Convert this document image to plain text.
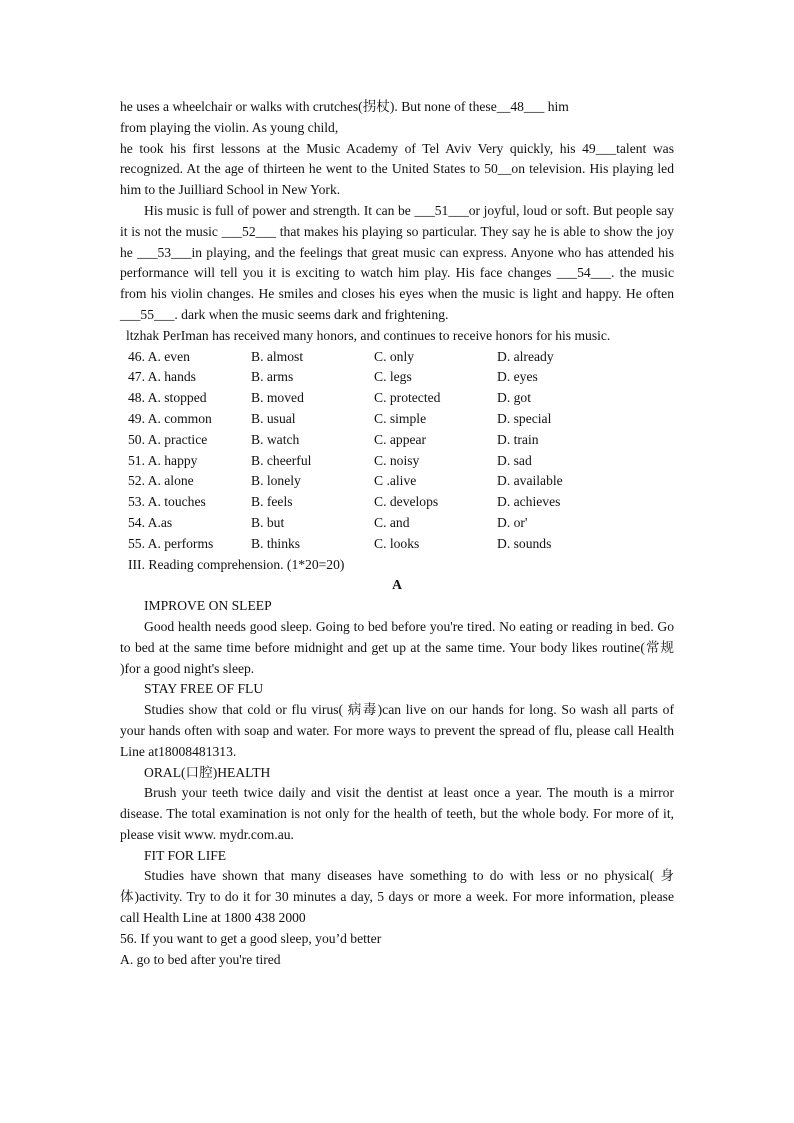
he uses a wheelchair or walks with crutches(拐杖). But none of these__48___ him

from playing the violin. As young child,

he took his first lessons at the Music Academy of Tel Aviv Very quickly, his 49___talent was recognized. At the age of thirteen he went to the United States to 50__on television. His playing led him to the Juilliard School in New York.

His music is full of power and strength. It can be ___51___or joyful, loud or soft. But people say it is not the music ___52___ that makes his playing so particular. They say he is able to show the joy he ___53___in playing, and the feelings that great music can express. Anyone who has attended his performance will tell you it is exciting to watch him play. His face changes ___54___. the music from his violin changes. He smiles and closes his eyes when the music is light and happy. He often ___55___. dark when the music seems dark and frightening.

ltzhak PerIman has received many honors, and continues to receive honors for his music.

46. A. even	B. almost	C. only	D. already
47. A. hands	B. arms	C. legs	D. eyes
48. A. stopped	B. moved	C. protected	D. got
49. A. common	B. usual	C. simple	D. special
50. A. practice	B. watch	C. appear	D. train
51. A. happy	B. cheerful	C. noisy	D. sad
52. A. alone	B. lonely	C .alive	D. available
53. A. touches	B. feels	C. develops	D. achieves
54. A.as	B. but	C. and	D. or'
55. A. performs	B. thinks	C. looks	D. sounds

III. Reading comprehension. (1*20=20)

A

IMPROVE ON SLEEP

Good health needs good sleep. Going to bed before you're tired. No eating or reading in bed. Go to bed at the same time before midnight and get up at the same time. Your body likes routine(常规 )for a good night's sleep.

STAY FREE OF FLU

Studies show that cold or flu virus( 病毒)can live on our hands for long. So wash all parts of your hands often with soap and water. For more ways to prevent the spread of flu, please call Health Line at18008481313.

ORAL(口腔)HEALTH

Brush your teeth twice daily and visit the dentist at least once a year. The mouth is a mirror disease. The total examination is not only for the health of teeth, but the whole body. For more of it, please visit www. mydr.com.au.

FIT FOR LIFE

Studies have shown that many diseases have something to do with less or no physical( 身体)activity. Try to do it for 30 minutes a day, 5 days or more a week. For more information, please call Health Line at 1800 438 2000

56. If you want to get a good sleep, you’d better

A. go to bed after you're tired
